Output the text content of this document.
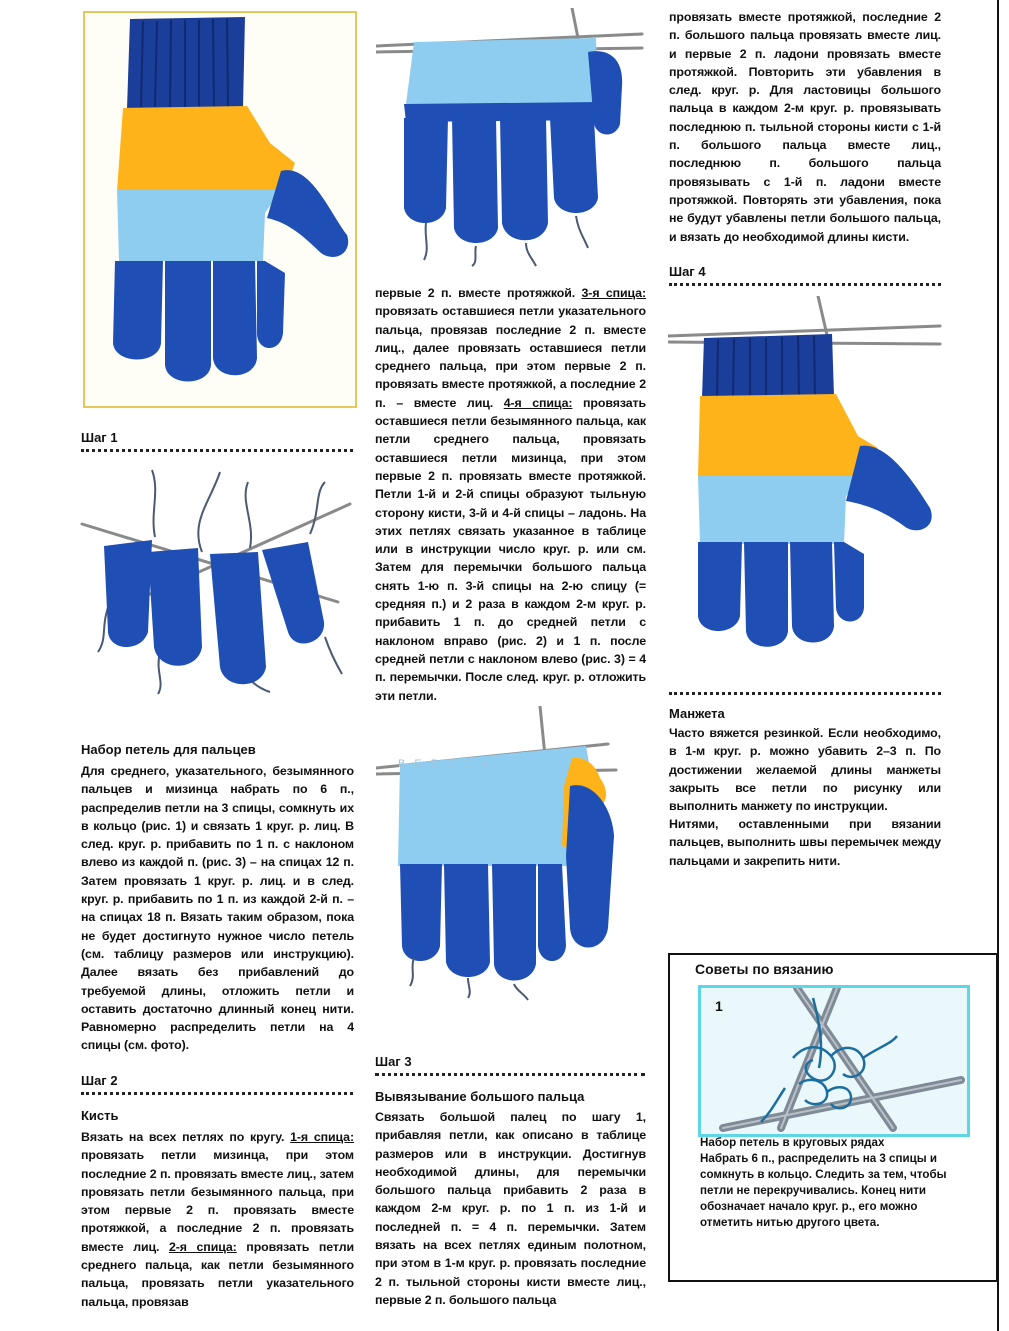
B E R S C A
Шаг 1
Набор петель для пальцев
Для среднего, указательного, безымянного пальцев и мизинца набрать по 6 п., распределив петли на 3 спицы, сомкнуть их в кольцо (рис. 1) и связать 1 круг. р. лиц. В след. круг. р. прибавить по 1 п. с наклоном влево из каждой п. (рис. 3) – на спицах 12 п. Затем провязать 1 круг. р. лиц. и в след. круг. р. прибавить по 1 п. из каждой 2-й п. – на спицах 18 п. Вязать таким образом, пока не будет достигнуто нужное число петель (см. таблицу размеров или инструкцию). Далее вязать без прибавлений до требуемой длины, отложить петли и оставить достаточно длинный конец нити. Равномерно распределить петли на 4 спицы (см. фото).
Шаг 2
Кисть
Вязать на всех петлях по кругу. 1-я спица: провязать петли мизинца, при этом последние 2 п. провязать вместе лиц., затем провязать петли безымянного пальца, при этом первые 2 п. провязать вместе протяжкой, а последние 2 п. провязать вместе лиц. 2-я спица: провязать петли среднего пальца, как петли безымянного пальца, провязать петли указательного пальца, провязав
первые 2 п. вместе протяжкой. 3-я спица: провязать оставшиеся петли указательного пальца, провязав последние 2 п. вместе лиц., далее провязать оставшиеся петли среднего пальца, при этом первые 2 п. провязать вместе протяжкой, а последние 2 п. – вместе лиц. 4-я спица: провязать оставшиеся петли безымянного пальца, как петли среднего пальца, провязать оставшиеся петли мизинца, при этом первые 2 п. провязать вместе протяжкой. Петли 1-й и 2-й спицы образуют тыльную сторону кисти, 3-й и 4-й спицы – ладонь. На этих петлях связать указанное в таблице или в инструкции число круг. р. или см. Затем для перемычки большого пальца снять 1-ю п. 3-й спицы на 2-ю спицу (= средняя п.) и 2 раза в каждом 2-м круг. р. прибавить 1 п. до средней петли с наклоном вправо (рис. 2) и 1 п. после средней петли с наклоном влево (рис. 3) = 4 п. перемычки. После след. круг. р. отложить эти петли.
Шаг 3
Вывязывание большого пальца
Связать большой палец по шагу 1, прибавляя петли, как описано в таблице размеров или в инструкции. Достигнув необходимой длины, для перемычки большого пальца прибавить 2 раза в каждом 2-м круг. р. по 1 п. из 1-й и последней п. = 4 п. перемычки. Затем вязать на всех петлях единым полотном, при этом в 1-м круг. р. провязать последние 2 п. тыльной стороны кисти вместе лиц., первые 2 п. большого пальца
провязать вместе протяжкой, последние 2 п. большого пальца провязать вместе лиц. и первые 2 п. ладони провязать вместе протяжкой. Повторить эти убавления в след. круг. р. Для ластовицы большого пальца в каждом 2-м круг. р. провязывать последнюю п. тыльной стороны кисти с 1-й п. большого пальца вместе лиц., последнюю п. большого пальца провязывать с 1-й п. ладони вместе протяжкой. Повторять эти убавления, пока не будут убавлены петли большого пальца, и вязать до необходимой длины кисти.
Шаг 4
Манжета
Часто вяжется резинкой. Если необходимо, в 1-м круг. р. можно убавить 2–3 п. По достижении желаемой длины манжеты закрыть все петли по рисунку или выполнить манжету по инструкции.
Нитями, оставленными при вязании пальцев, выполнить швы перемычек между пальцами и закрепить нити.
Советы по вязанию
1
Набор петель в круговых рядах
Набрать 6 п., распределить на 3 спицы и сомкнуть в кольцо. Следить за тем, чтобы петли не перекручивались. Конец нити обозначает начало круг. р., его можно отметить нитью другого цвета.
